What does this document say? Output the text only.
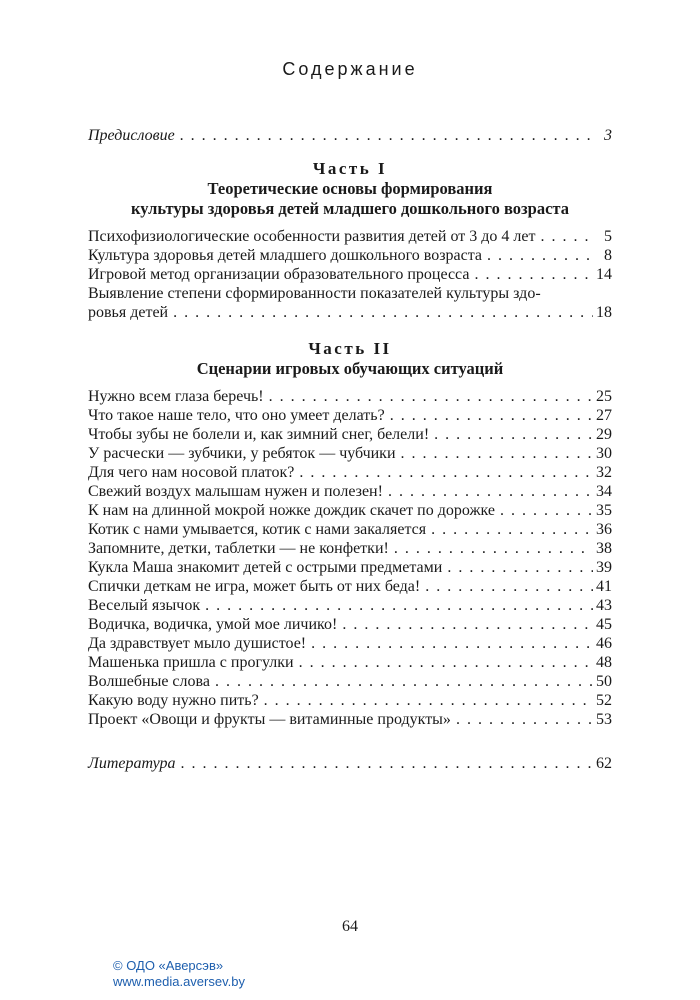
Содержание
Предисловие . . .	3
Часть I
Теоретические основы формирования
культуры здоровья детей младшего дошкольного возраста
Психофизиологические особенности развития детей от 3 до 4 лет . . .	5
Культура здоровья детей младшего дошкольного возраста . . .	8
Игровой метод организации образовательного процесса . . .	14
Выявление степени сформированности показателей культуры здо-
ровья детей . . .	18
Часть II
Сценарии игровых обучающих ситуаций
Нужно всем глаза беречь! . . .	25
Что такое наше тело, что оно умеет делать? . . .	27
Чтобы зубы не болели и, как зимний снег, белели! . . .	29
У расчески — зубчики, у ребяток — чубчики . . .	30
Для чего нам носовой платок? . . .	32
Свежий воздух малышам нужен и полезен! . . .	34
К нам на длинной мокрой ножке дождик скачет по дорожке . . .	35
Котик с нами умывается, котик с нами закаляется . . .	36
Запомните, детки, таблетки — не конфетки! . . .	38
Кукла Маша знакомит детей с острыми предметами . . .	39
Спички деткам не игра, может быть от них беда! . . .	41
Веселый язычок . . .	43
Водичка, водичка, умой мое личико! . . .	45
Да здравствует мыло душистое! . . .	46
Машенька пришла с прогулки . . .	48
Волшебные слова . . .	50
Какую воду нужно пить? . . .	52
Проект «Овощи и фрукты — витаминные продукты» . . .	53
Литература . . .	62
64
© ОДО «Аверсэв»
www.media.aversev.by
